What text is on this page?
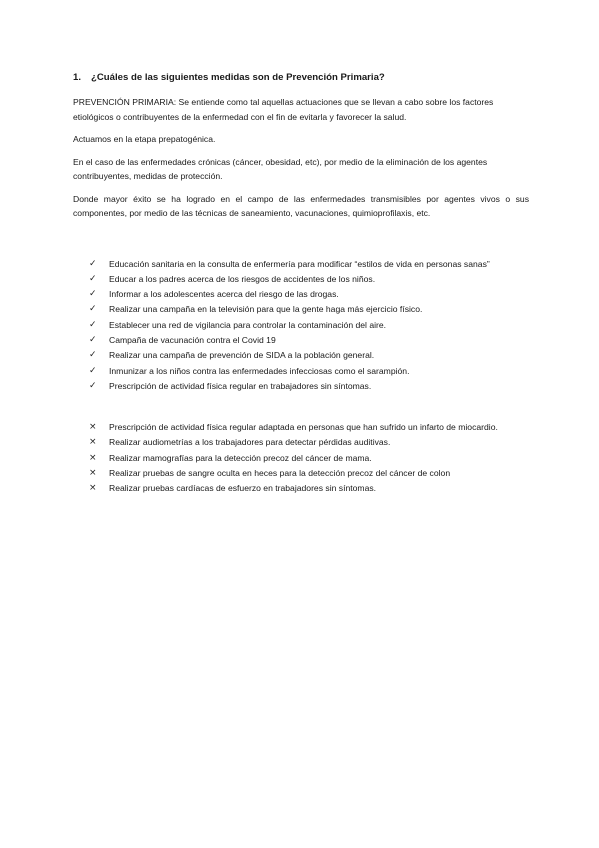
1.	¿Cuáles de las siguientes medidas son de Prevención Primaria?

PREVENCIÓN PRIMARIA: Se entiende como tal aquellas actuaciones que se llevan a cabo sobre los factores etiológicos o contribuyentes de la enfermedad con el fin de evitarla y favorecer la salud.

Actuamos en la etapa prepatogénica.

En el caso de las enfermedades crónicas (cáncer, obesidad, etc), por medio de la eliminación de los agentes contribuyentes, medidas de protección.

Donde mayor éxito se ha logrado en el campo de las enfermedades transmisibles por agentes vivos o sus componentes, por medio de las técnicas de saneamiento, vacunaciones, quimioprofilaxis, etc.

✓	Educación sanitaria en la consulta de enfermería para modificar “estilos de vida en personas sanas”
✓	Educar a los padres acerca de los riesgos de accidentes de los niños.
✓	Informar a los adolescentes acerca del riesgo de las drogas.
✓	Realizar una campaña en la televisión para que la gente haga más ejercicio físico.
✓	Establecer una red de vigilancia para controlar la contaminación del aire.
✓	Campaña de vacunación contra el Covid 19
✓	Realizar una campaña de prevención de SIDA a la población general.
✓	Inmunizar a los niños contra las enfermedades infecciosas como el sarampión.
✓	Prescripción de actividad física regular en trabajadores sin síntomas.
×	Prescripción de actividad física regular adaptada en personas que han sufrido un infarto de miocardio.
×	Realizar audiometrías a los trabajadores para detectar pérdidas auditivas.
×	Realizar mamografías para la detección precoz del cáncer de mama.
×	Realizar pruebas de sangre oculta en heces para la detección precoz del cáncer de colon
×	Realizar pruebas cardíacas de esfuerzo en trabajadores sin síntomas.
